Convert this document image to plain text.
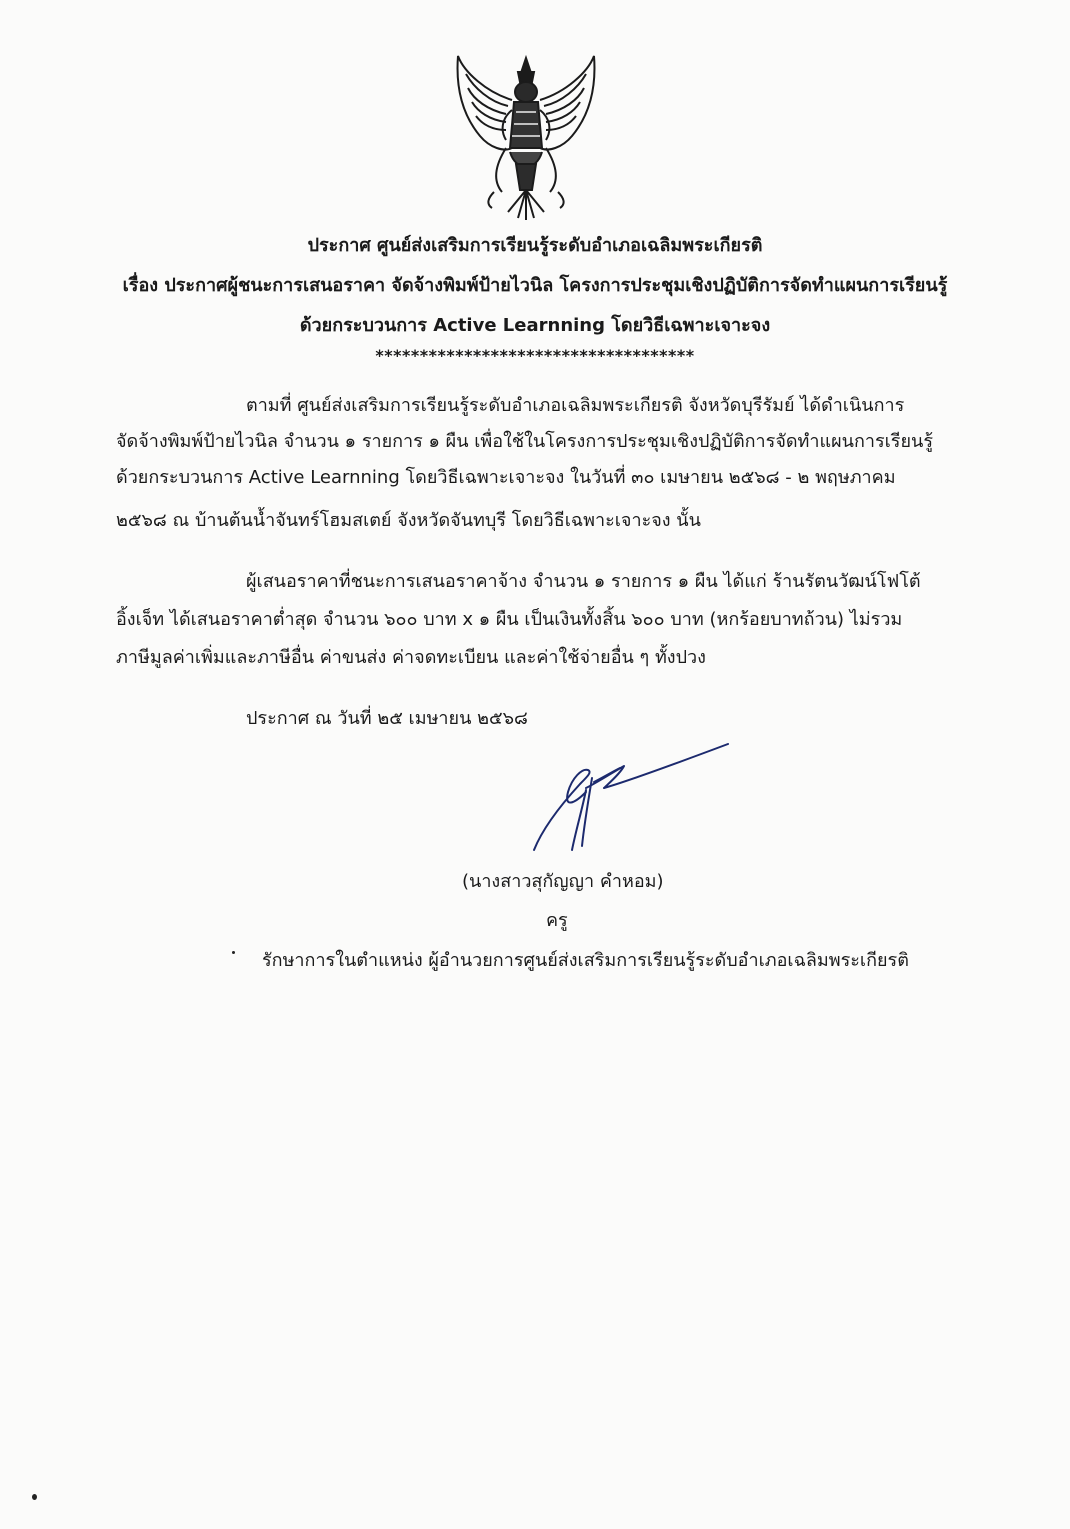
ประกาศ ศูนย์ส่งเสริมการเรียนรู้ระดับอำเภอเฉลิมพระเกียรติ
เรื่อง ประกาศผู้ชนะการเสนอราคา จัดจ้างพิมพ์ป้ายไวนิล โครงการประชุมเชิงปฏิบัติการจัดทำแผนการเรียนรู้
ด้วยกระบวนการ Active Learnning โดยวิธีเฉพาะเจาะจง
************************************
ตามที่ ศูนย์ส่งเสริมการเรียนรู้ระดับอำเภอเฉลิมพระเกียรติ จังหวัดบุรีรัมย์ ได้ดำเนินการ
จัดจ้างพิมพ์ป้ายไวนิล จำนวน ๑ รายการ ๑ ผืน เพื่อใช้ในโครงการประชุมเชิงปฏิบัติการจัดทำแผนการเรียนรู้
ด้วยกระบวนการ Active Learnning โดยวิธีเฉพาะเจาะจง ในวันที่ ๓๐ เมษายน ๒๕๖๘ - ๒ พฤษภาคม
๒๕๖๘ ณ บ้านต้นน้ำจันทร์โฮมสเตย์ จังหวัดจันทบุรี โดยวิธีเฉพาะเจาะจง นั้น
ผู้เสนอราคาที่ชนะการเสนอราคาจ้าง จำนวน ๑ รายการ ๑ ผืน ได้แก่ ร้านรัตนวัฒน์โฟโต้
อิ้งเจ็ท ได้เสนอราคาต่ำสุด จำนวน ๖๐๐ บาท x ๑ ผืน เป็นเงินทั้งสิ้น ๖๐๐ บาท (หกร้อยบาทถ้วน) ไม่รวม
ภาษีมูลค่าเพิ่มและภาษีอื่น ค่าขนส่ง ค่าจดทะเบียน และค่าใช้จ่ายอื่น ๆ ทั้งปวง
ประกาศ ณ วันที่ ๒๕ เมษายน ๒๕๖๘
(นางสาวสุกัญญา คำหอม)
ครู
รักษาการในตำแหน่ง ผู้อำนวยการศูนย์ส่งเสริมการเรียนรู้ระดับอำเภอเฉลิมพระเกียรติ
